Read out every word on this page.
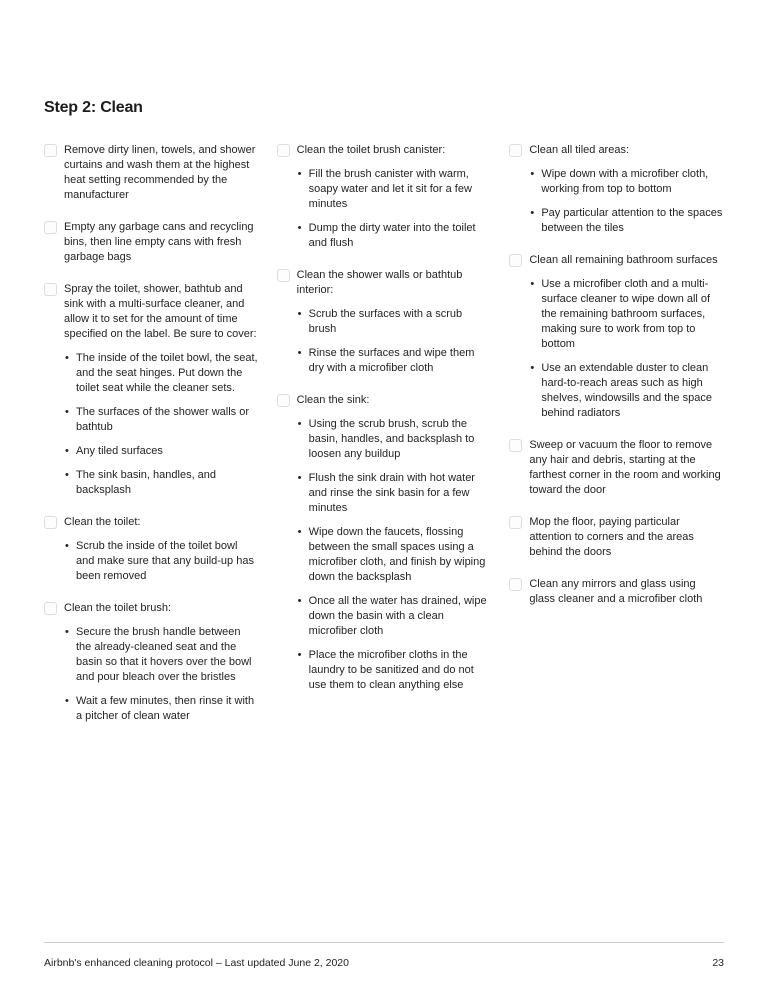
Step 2: Clean
Remove dirty linen, towels, and shower curtains and wash them at the highest heat setting recommended by the manufacturer
Empty any garbage cans and recycling bins, then line empty cans with fresh garbage bags
Spray the toilet, shower, bathtub and sink with a multi-surface cleaner, and allow it to set for the amount of time specified on the label. Be sure to cover:
• The inside of the toilet bowl, the seat, and the seat hinges. Put down the toilet seat while the cleaner sets.
• The surfaces of the shower walls or bathtub
• Any tiled surfaces
• The sink basin, handles, and backsplash
Clean the toilet:
• Scrub the inside of the toilet bowl and make sure that any build-up has been removed
Clean the toilet brush:
• Secure the brush handle between the already-cleaned seat and the basin so that it hovers over the bowl and pour bleach over the bristles
• Wait a few minutes, then rinse it with a pitcher of clean water
Clean the toilet brush canister:
• Fill the brush canister with warm, soapy water and let it sit for a few minutes
• Dump the dirty water into the toilet and flush
Clean the shower walls or bathtub interior:
• Scrub the surfaces with a scrub brush
• Rinse the surfaces and wipe them dry with a microfiber cloth
Clean the sink:
• Using the scrub brush, scrub the basin, handles, and backsplash to loosen any buildup
• Flush the sink drain with hot water and rinse the sink basin for a few minutes
• Wipe down the faucets, flossing between the small spaces using a microfiber cloth, and finish by wiping down the backsplash
• Once all the water has drained, wipe down the basin with a clean microfiber cloth
• Place the microfiber cloths in the laundry to be sanitized and do not use them to clean anything else
Clean all tiled areas:
• Wipe down with a microfiber cloth, working from top to bottom
• Pay particular attention to the spaces between the tiles
Clean all remaining bathroom surfaces
• Use a microfiber cloth and a multi-surface cleaner to wipe down all of the remaining bathroom surfaces, making sure to work from top to bottom
• Use an extendable duster to clean hard-to-reach areas such as high shelves, windowsills and the space behind radiators
Sweep or vacuum the floor to remove any hair and debris, starting at the farthest corner in the room and working toward the door
Mop the floor, paying particular attention to corners and the areas behind the doors
Clean any mirrors and glass using glass cleaner and a microfiber cloth
Airbnb's enhanced cleaning protocol – Last updated June 2, 2020	23
